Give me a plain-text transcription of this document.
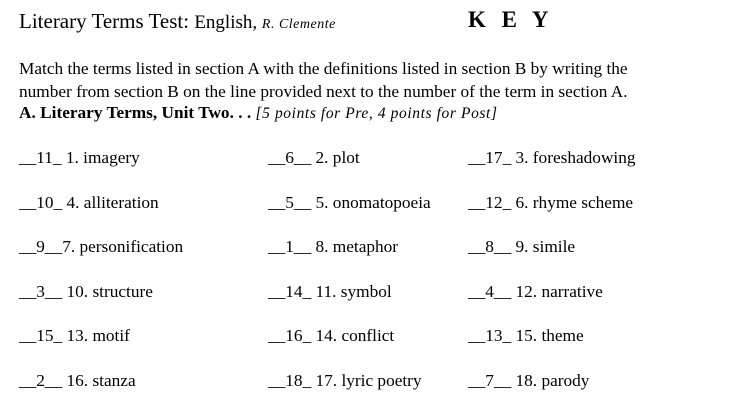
Literary Terms Test: English, R. Clemente	K E Y

Match the terms listed in section A with the definitions listed in section B by writing the

number from section B on the line provided next to the number of the term in section A.

A. Literary Terms, Unit Two. . . [5 points for Pre, 4 points for Post]
__11_ 1. imagery	__6__ 2. plot	__17_ 3. foreshadowing
__10_ 4. alliteration	__5__ 5. onomatopoeia __12_ 6. rhyme scheme
__9__7. personification	__1__ 8. metaphor	__8__ 9. simile
__3__ 10. structure	__14_ 11. symbol	__4__ 12. narrative
__15_ 13. motif	__16_ 14. conflict	__13_ 15. theme
__2__ 16. stanza	__18_ 17. lyric poetry	__7__ 18. parody
